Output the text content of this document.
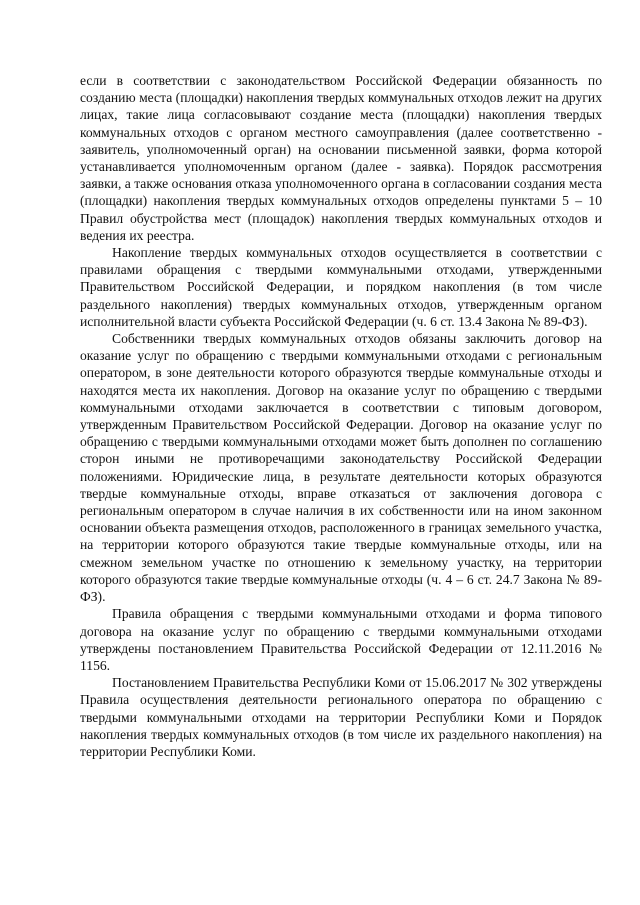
если в соответствии с законодательством Российской Федерации обязанность по созданию места (площадки) накопления твердых коммунальных отходов лежит на других лицах, такие лица согласовывают создание места (площадки) накопления твердых коммунальных отходов с органом местного самоуправления (далее соответственно - заявитель, уполномоченный орган) на основании письменной заявки, форма которой устанавливается уполномоченным органом (далее - заявка). Порядок рассмотрения заявки, а также основания отказа уполномоченного органа в согласовании создания места (площадки) накопления твердых коммунальных отходов определены пунктами 5 – 10 Правил обустройства мест (площадок) накопления твердых коммунальных отходов и ведения их реестра.

Накопление твердых коммунальных отходов осуществляется в соответствии с правилами обращения с твердыми коммунальными отходами, утвержденными Правительством Российской Федерации, и порядком накопления (в том числе раздельного накопления) твердых коммунальных отходов, утвержденным органом исполнительной власти субъекта Российской Федерации (ч. 6 ст. 13.4 Закона № 89-ФЗ).

Собственники твердых коммунальных отходов обязаны заключить договор на оказание услуг по обращению с твердыми коммунальными отходами с региональным оператором, в зоне деятельности которого образуются твердые коммунальные отходы и находятся места их накопления. Договор на оказание услуг по обращению с твердыми коммунальными отходами заключается в соответствии с типовым договором, утвержденным Правительством Российской Федерации. Договор на оказание услуг по обращению с твердыми коммунальными отходами может быть дополнен по соглашению сторон иными не противоречащими законодательству Российской Федерации положениями. Юридические лица, в результате деятельности которых образуются твердые коммунальные отходы, вправе отказаться от заключения договора с региональным оператором в случае наличия в их собственности или на ином законном основании объекта размещения отходов, расположенного в границах земельного участка, на территории которого образуются такие твердые коммунальные отходы, или на смежном земельном участке по отношению к земельному участку, на территории которого образуются такие твердые коммунальные отходы (ч. 4 – 6 ст. 24.7 Закона № 89-ФЗ).

Правила обращения с твердыми коммунальными отходами и форма типового договора на оказание услуг по обращению с твердыми коммунальными отходами утверждены постановлением Правительства Российской Федерации от 12.11.2016 № 1156.

Постановлением Правительства Республики Коми от 15.06.2017 № 302 утверждены Правила осуществления деятельности регионального оператора по обращению с твердыми коммунальными отходами на территории Республики Коми и Порядок накопления твердых коммунальных отходов (в том числе их раздельного накопления) на территории Республики Коми.
